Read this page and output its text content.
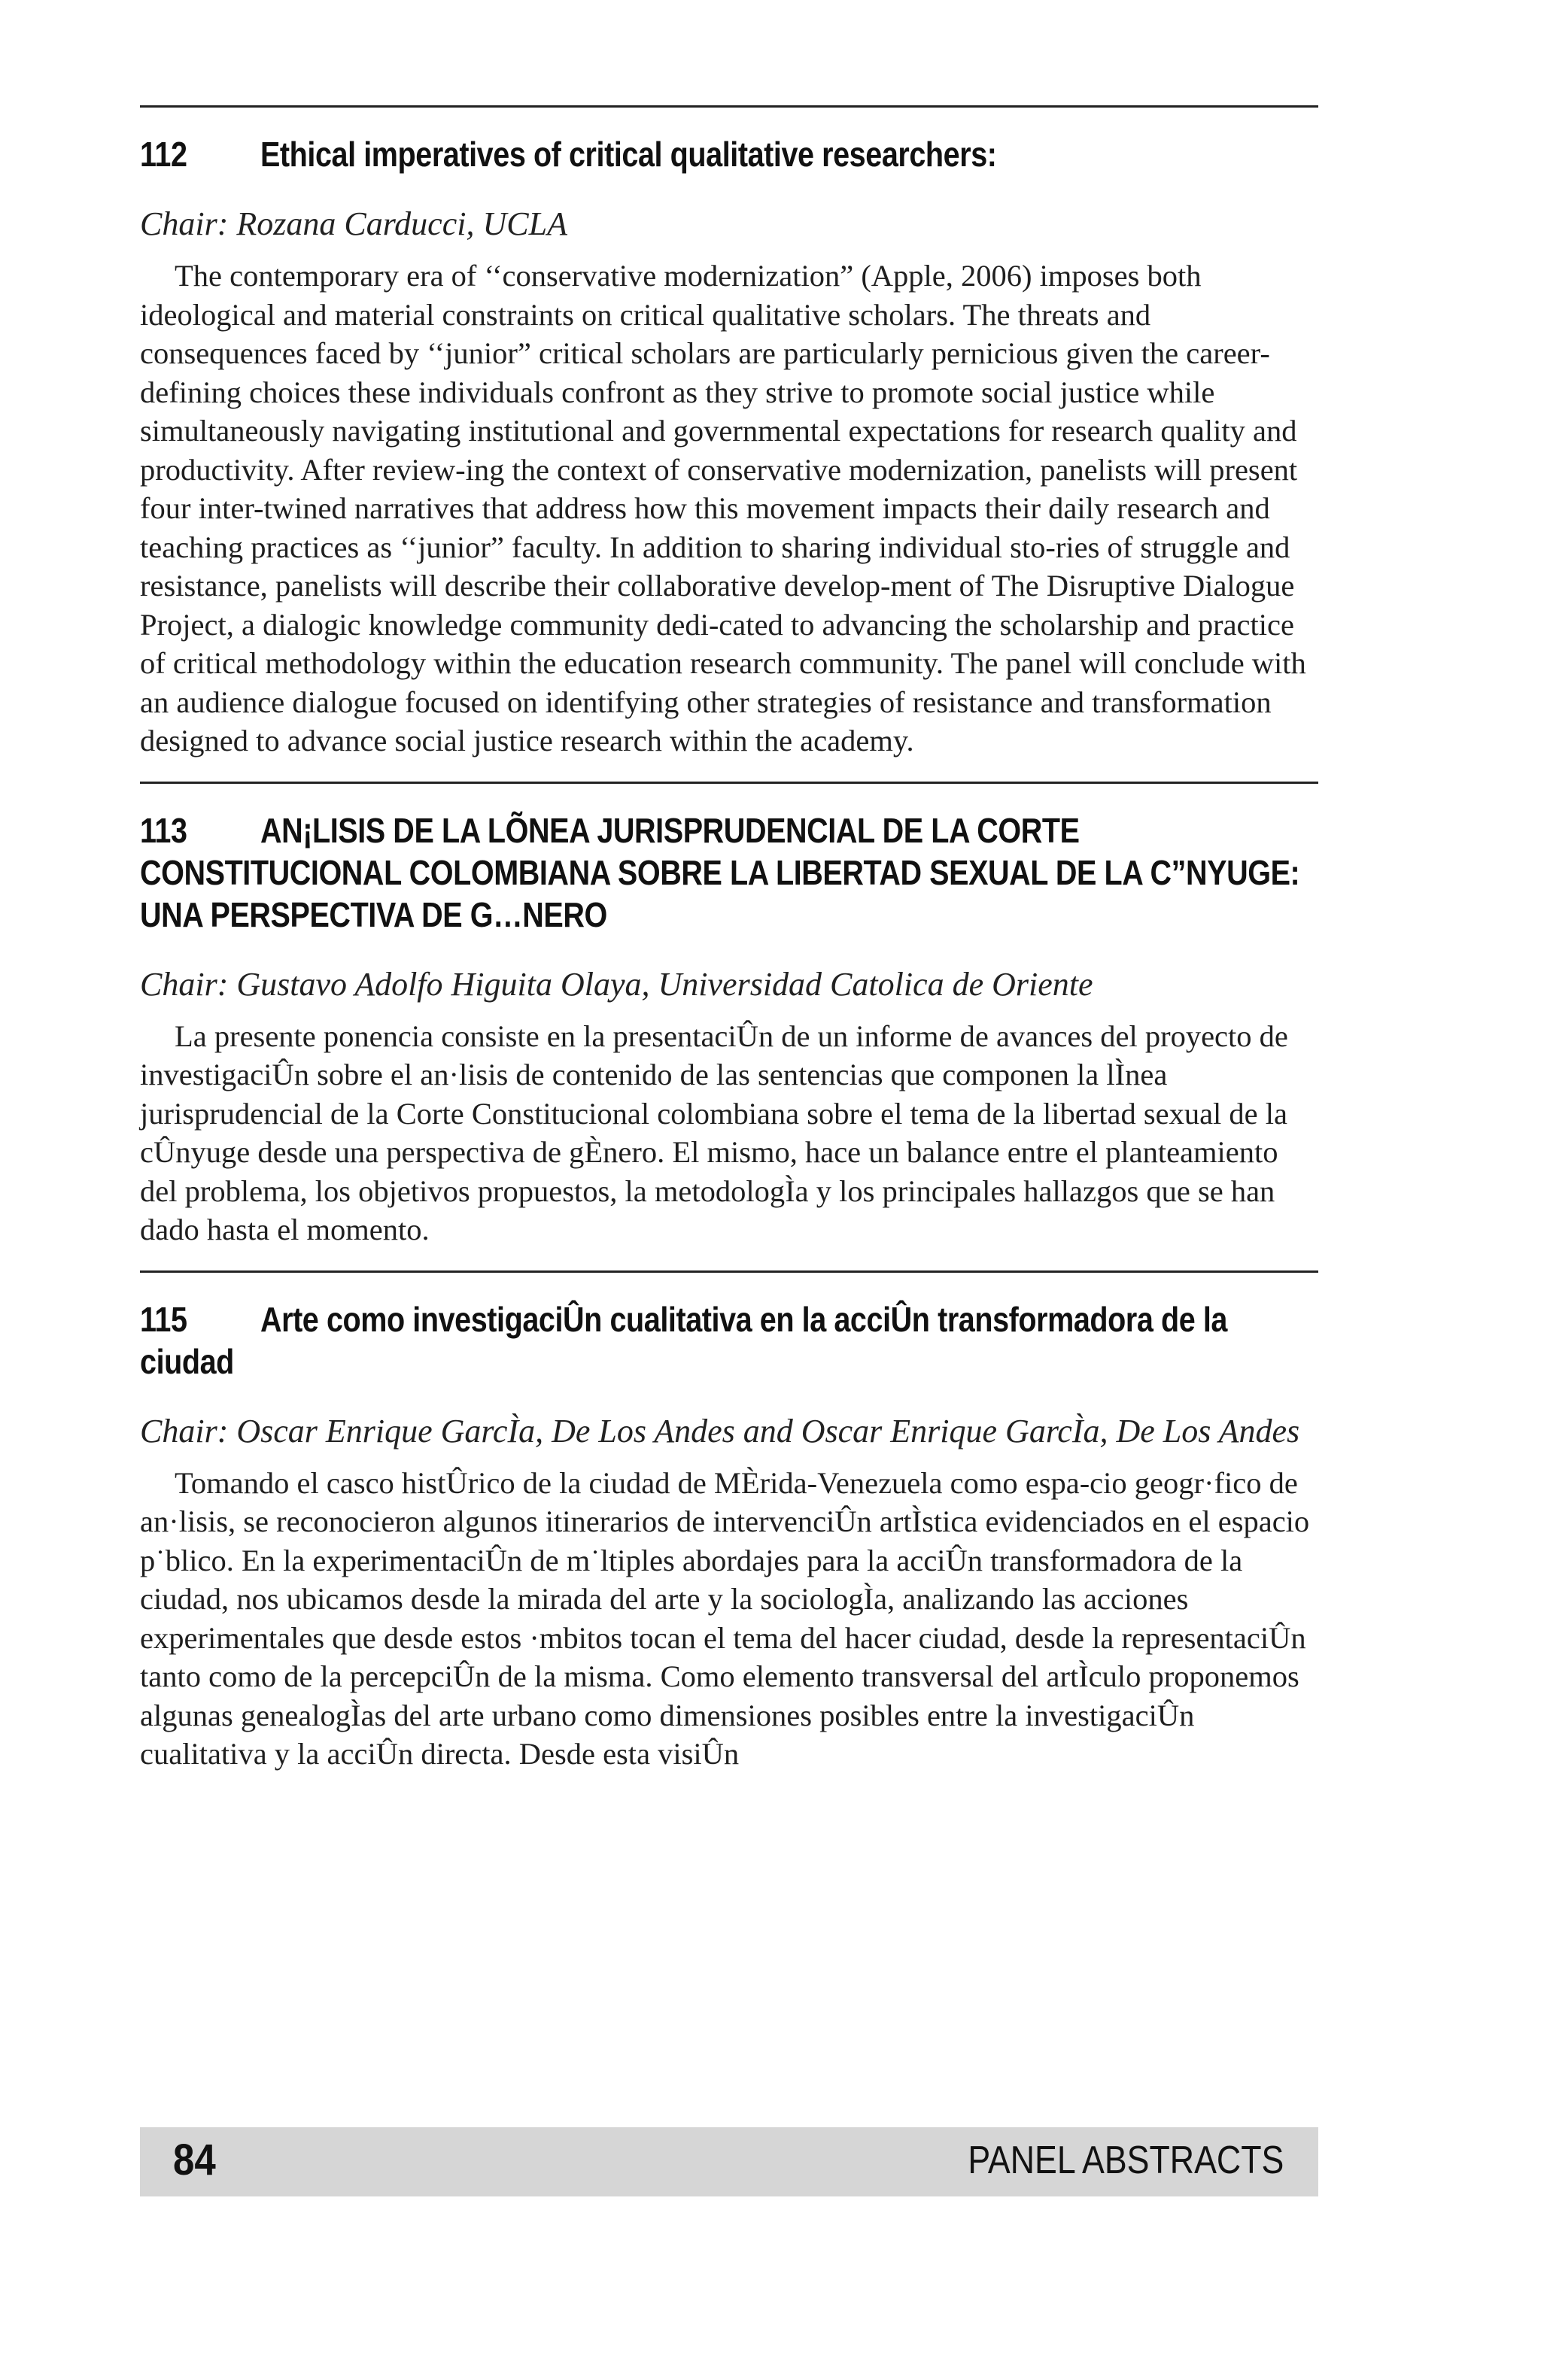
112 Ethical imperatives of critical qualitative researchers:

Chair: Rozana Carducci, UCLA

The contemporary era of ‘‘conservative modernization” (Apple, 2006) imposes both ideological and material constraints on critical qualitative scholars. The threats and consequences faced by ‘‘junior” critical scholars are particularly pernicious given the career-defining choices these individuals confront as they strive to promote social justice while simultaneously navigating institutional and governmental expectations for research quality and productivity. After review-ing the context of conservative modernization, panelists will present four inter-twined narratives that address how this movement impacts their daily research and teaching practices as ‘‘junior” faculty. In addition to sharing individual sto-ries of struggle and resistance, panelists will describe their collaborative develop-ment of The Disruptive Dialogue Project, a dialogic knowledge community dedi-cated to advancing the scholarship and practice of critical methodology within the education research community. The panel will conclude with an audience dialogue focused on identifying other strategies of resistance and transformation designed to advance social justice research within the academy.

113 AN¡LISIS DE LA LÕNEA JURISPRUDENCIAL DE LA CORTE CONSTITUCIONAL COLOMBIANA SOBRE LA LIBERTAD SEXUAL DE LA C”NYUGE: UNA PERSPECTIVA DE G…NERO

Chair: Gustavo Adolfo Higuita Olaya, Universidad Catolica de Oriente

La presente ponencia consiste en la presentaciÛn de un informe de avances del proyecto de investigaciÛn sobre el an·lisis de contenido de las sentencias que componen la lÌnea jurisprudencial de la Corte Constitucional colombiana sobre el tema de la libertad sexual de la cÛnyuge desde una perspectiva de gÈnero. El mismo, hace un balance entre el planteamiento del problema, los objetivos propuestos, la metodologÌa y los principales hallazgos que se han dado hasta el momento.

115 Arte como investigaciÛn cualitativa en la acciÛn transformadora de la ciudad

Chair: Oscar Enrique GarcÌa, De Los Andes and Oscar Enrique GarcÌa, De Los Andes

Tomando el casco histÛrico de la ciudad de MÈrida-Venezuela como espa-cio geogr·fico de an·lisis, se reconocieron algunos itinerarios de intervenciÛn artÌstica evidenciados en el espacio p˙blico. En la experimentaciÛn de m˙ltiples abordajes para la acciÛn transformadora de la ciudad, nos ubicamos desde la mirada del arte y la sociologÌa, analizando las acciones experimentales que desde estos ·mbitos tocan el tema del hacer ciudad, desde la representaciÛn tanto como de la percepciÛn de la misma. Como elemento transversal del artÌculo proponemos algunas genealogÌas del arte urbano como dimensiones posibles entre la investigaciÛn cualitativa y la acciÛn directa. Desde esta visiÛn

84	PANEL ABSTRACTS
